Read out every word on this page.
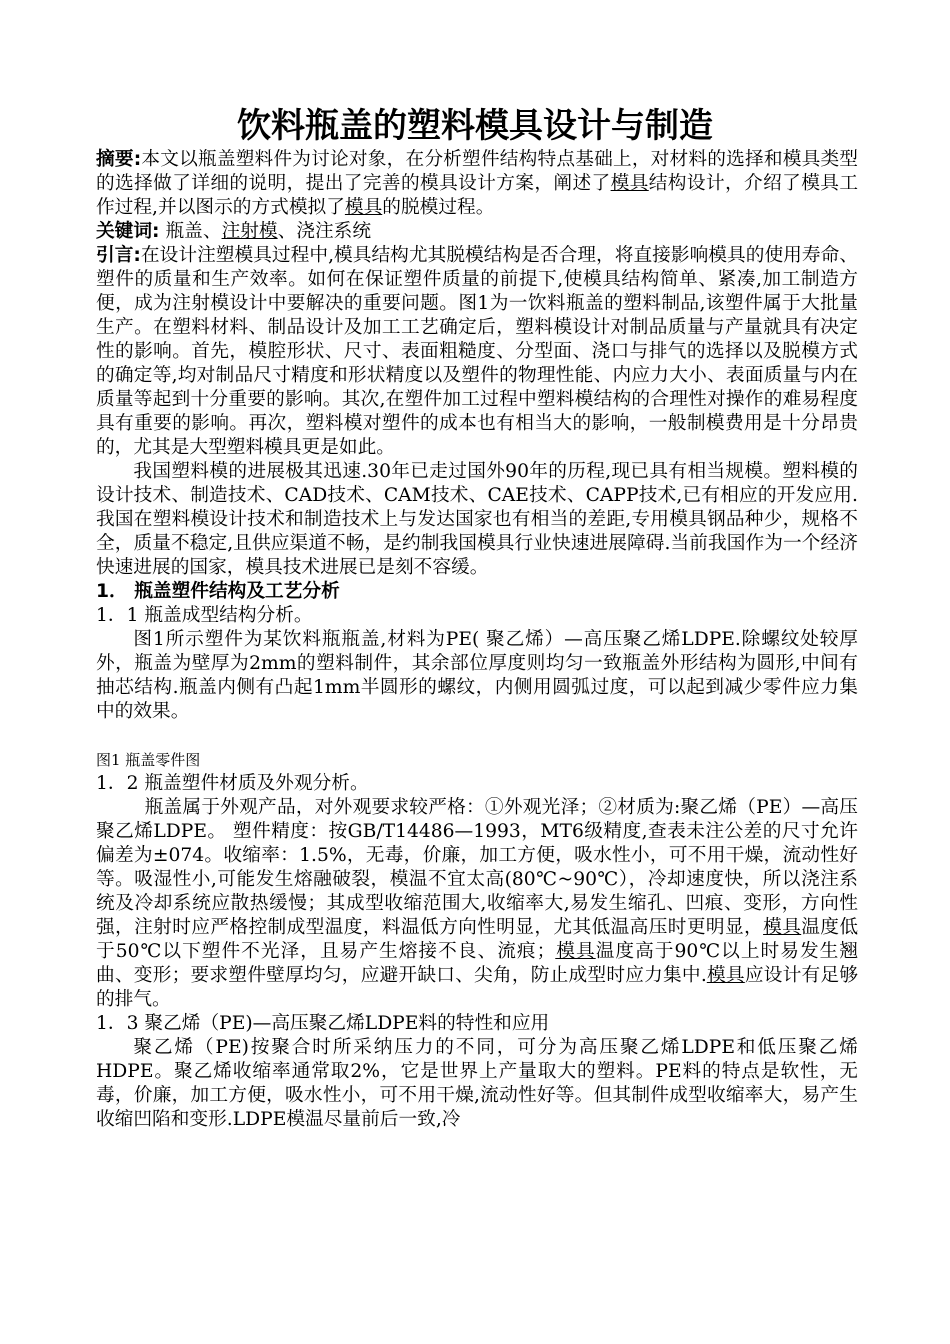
饮料瓶盖的塑料模具设计与制造

摘要:本文以瓶盖塑料件为讨论对象，在分析塑件结构特点基础上，对材料的选择和模具类型的选择做了详细的说明，提出了完善的模具设计方案，阐述了模具结构设计，介绍了模具工作过程,并以图示的方式模拟了模具的脱模过程。

关键词: 瓶盖、注射模、浇注系统

引言:在设计注塑模具过程中,模具结构尤其脱模结构是否合理，将直接影响模具的使用寿命、塑件的质量和生产效率。如何在保证塑件质量的前提下,使模具结构简单、紧凑,加工制造方便，成为注射模设计中要解决的重要问题。图1为一饮料瓶盖的塑料制品,该塑件属于大批量生产。在塑料材料、制品设计及加工工艺确定后，塑料模设计对制品质量与产量就具有决定性的影响。首先，模腔形状、尺寸、表面粗糙度、分型面、浇口与排气的选择以及脱模方式的确定等,均对制品尺寸精度和形状精度以及塑件的物理性能、内应力大小、表面质量与内在质量等起到十分重要的影响。其次,在塑件加工过程中塑料模结构的合理性对操作的难易程度具有重要的影响。再次，塑料模对塑件的成本也有相当大的影响，一般制模费用是十分昂贵的，尤其是大型塑料模具更是如此。

我国塑料模的进展极其迅速.30年已走过国外90年的历程,现已具有相当规模。塑料模的设计技术、制造技术、CAD技术、CAM技术、CAE技术、CAPP技术,已有相应的开发应用.我国在塑料模设计技术和制造技术上与发达国家也有相当的差距,专用模具钢品种少，规格不全，质量不稳定,且供应渠道不畅，是约制我国模具行业快速进展障碍.当前我国作为一个经济快速进展的国家，模具技术进展已是刻不容缓。

1． 瓶盖塑件结构及工艺分析

1．1 瓶盖成型结构分析。

图1所示塑件为某饮料瓶瓶盖,材料为PE( 聚乙烯）—高压聚乙烯LDPE.除螺纹处较厚外，瓶盖为壁厚为2mm的塑料制件，其余部位厚度则均匀一致瓶盖外形结构为圆形,中间有抽芯结构.瓶盖内侧有凸起1mm半圆形的螺纹，内侧用圆弧过度，可以起到减少零件应力集中的效果。

图1 瓶盖零件图

1．2 瓶盖塑件材质及外观分析。

瓶盖属于外观产品，对外观要求较严格：①外观光泽；②材质为:聚乙烯（PE）—高压聚乙烯LDPE。 塑件精度：按GB/T14486—1993，MT6级精度,查表未注公差的尺寸允许偏差为±074。收缩率：1.5%，无毒，价廉，加工方便，吸水性小，可不用干燥，流动性好等。吸湿性小,可能发生熔融破裂，模温不宜太高(80℃~90℃），冷却速度快，所以浇注系统及冷却系统应散热缓慢；其成型收缩范围大,收缩率大,易发生缩孔、凹痕、变形，方向性强，注射时应严格控制成型温度，料温低方向性明显，尤其低温高压时更明显，模具温度低于50℃以下塑件不光泽，且易产生熔接不良、流痕；模具温度高于90℃以上时易发生翘曲、变形；要求塑件壁厚均匀，应避开缺口、尖角，防止成型时应力集中.模具应设计有足够的排气。

1．3 聚乙烯（PE)—高压聚乙烯LDPE料的特性和应用

聚乙烯（PE)按聚合时所采纳压力的不同，可分为高压聚乙烯LDPE和低压聚乙烯HDPE。聚乙烯收缩率通常取2%，它是世界上产量取大的塑料。PE料的特点是软性，无毒，价廉，加工方便，吸水性小，可不用干燥,流动性好等。但其制件成型收缩率大，易产生收缩凹陷和变形.LDPE模温尽量前后一致,冷
